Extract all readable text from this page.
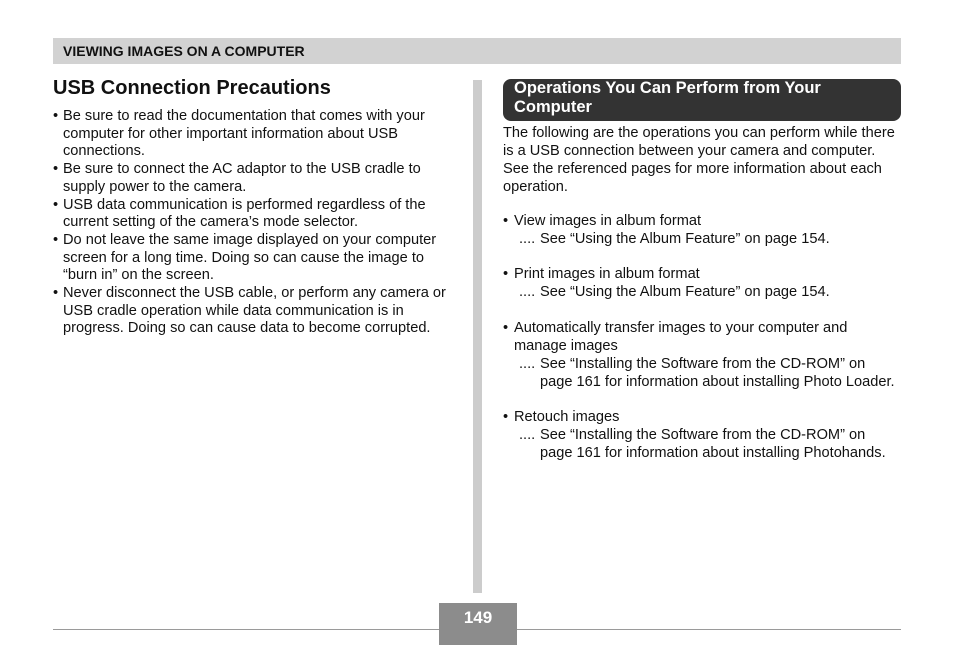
VIEWING IMAGES ON A COMPUTER
USB Connection Precautions
• Be sure to read the documentation that comes with your computer for other important information about USB connections.
• Be sure to connect the AC adaptor to the USB cradle to supply power to the camera.
• USB data communication is performed regardless of the current setting of the camera’s mode selector.
• Do not leave the same image displayed on your computer screen for a long time. Doing so can cause the image to “burn in” on the screen.
• Never disconnect the USB cable, or perform any camera or USB cradle operation while data communication is in progress. Doing so can cause data to become corrupted.
Operations You Can Perform from Your
Computer

The following are the operations you can perform while there is a USB connection between your camera and computer. See the referenced pages for more information about each operation.

• View images in album format
.... See “Using the Album Feature” on page 154.
• Print images in album format
.... See “Using the Album Feature” on page 154.
• Automatically transfer images to your computer and manage images
.... See “Installing the Software from the CD-ROM” on page 161 for information about installing Photo Loader.
• Retouch images
.... See “Installing the Software from the CD-ROM” on page 161 for information about installing Photohands.
149
